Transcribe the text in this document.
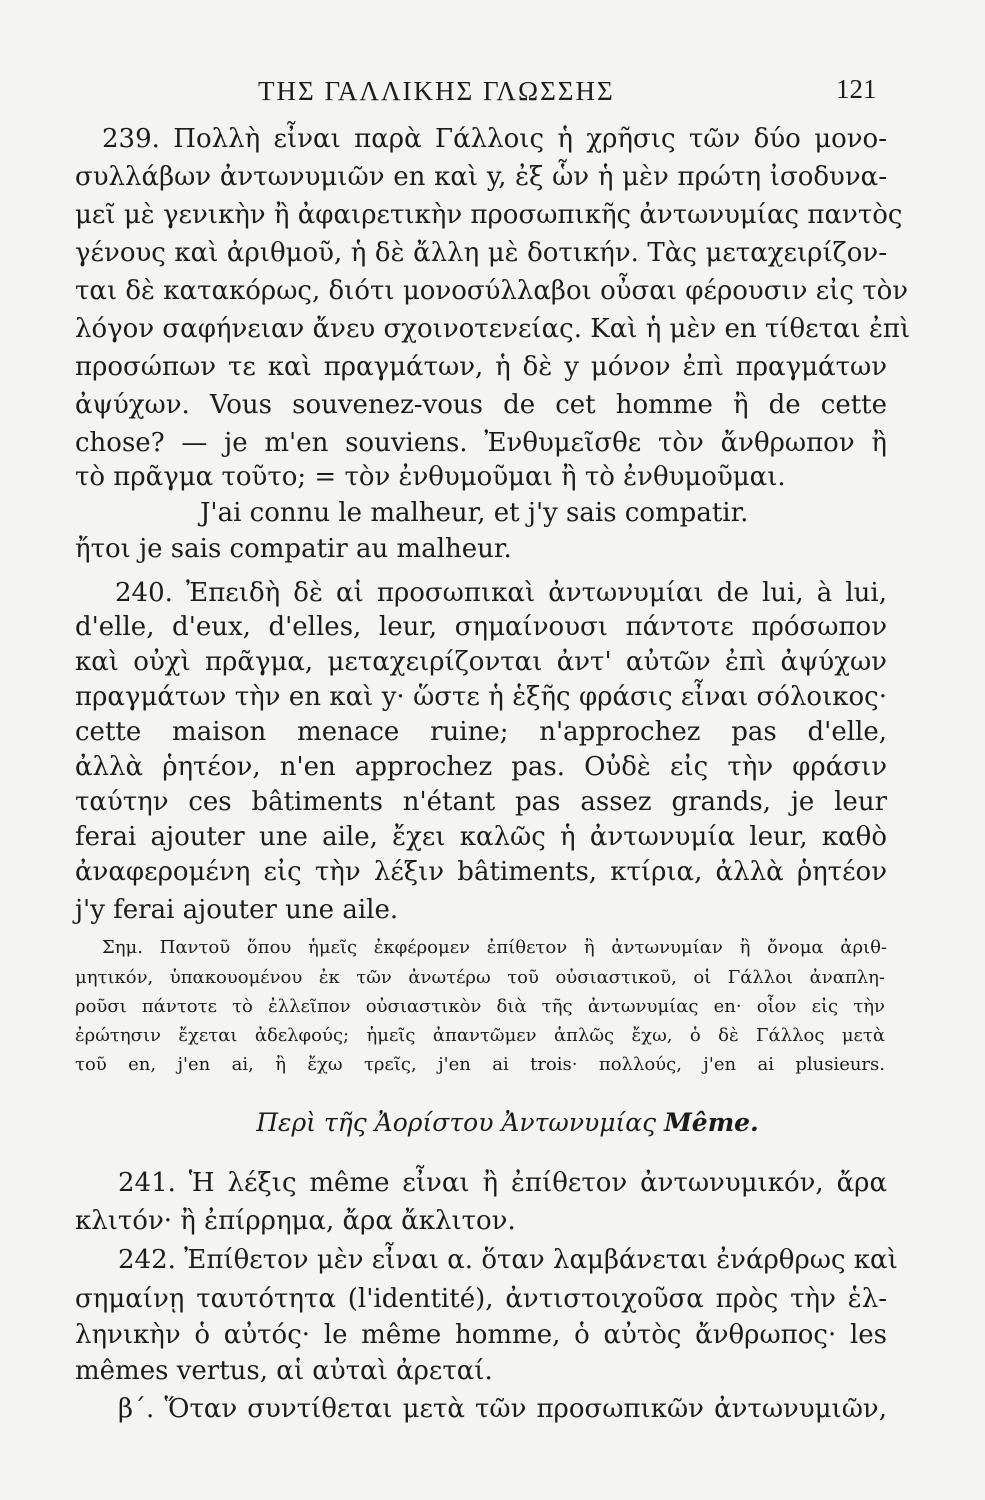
ΤΗΣ ΓΑΛΛΙΚΗΣ ΓΛΩΣΣΗΣ	121
239. Πολλὴ εἶναι παρὰ Γάλλοις ἡ χρῆσις τῶν δύο μονο-
συλλάβων ἀντωνυμιῶν en καὶ y, ἐξ ὧν ἡ μὲν πρώτη ἰσοδυνα-
μεῖ μὲ γενικὴν ἢ ἀφαιρετικὴν προσωπικῆς ἀντωνυμίας παντὸς
γένους καὶ ἀριθμοῦ, ἡ δὲ ἄλλη μὲ δοτικήν. Τὰς μεταχειρίζον-
ται δὲ κατακόρως, διότι μονοσύλλαβοι οὖσαι φέρουσιν εἰς τὸν
λόγον σαφήνειαν ἄνευ σχοινοτενείας. Καὶ ἡ μὲν en τίθεται ἐπὶ
προσώπων τε καὶ πραγμάτων, ἡ δὲ y μόνον ἐπὶ πραγμάτων
ἀψύχων. Vous souvenez-vous de cet homme ἢ de cette
chose? — je m'en souviens. Ἐνθυμεῖσθε τὸν ἄνθρωπον ἢ
τὸ πρᾶγμα τοῦτο; = τὸν ἐνθυμοῦμαι ἢ τὸ ἐνθυμοῦμαι.
J'ai connu le malheur, et j'y sais compatir.
ἤτοι je sais compatir au malheur.
240. Ἐπειδὴ δὲ αἱ προσωπικαὶ ἀντωνυμίαι de lui, à lui,
d'elle, d'eux, d'elles, leur, σημαίνουσι πάντοτε πρόσωπον
καὶ οὐχὶ πρᾶγμα, μεταχειρίζονται ἀντ' αὐτῶν ἐπὶ ἀψύχων
πραγμάτων τὴν en καὶ y· ὥστε ἡ ἑξῆς φράσις εἶναι σόλοικος·
cette maison menace ruine; n'approchez pas d'elle,
ἀλλὰ ῥητέον, n'en approchez pas. Οὐδὲ εἰς τὴν φράσιν
ταύτην ces bâtiments n'étant pas assez grands, je leur
ferai ajouter une aile, ἔχει καλῶς ἡ ἀντωνυμία leur, καθὸ
ἀναφερομένη εἰς τὴν λέξιν bâtiments, κτίρια, ἀλλὰ ῥητέον
j'y ferai ajouter une aile.
Σημ. Παντοῦ ὅπου ἡμεῖς ἐκφέρομεν ἐπίθετον ἢ ἀντωνυμίαν ἢ ὄνομα ἀριθ-
μητικόν, ὑπακουομένου ἐκ τῶν ἀνωτέρω τοῦ οὐσιαστικοῦ, οἱ Γάλλοι ἀναπλη-
ροῦσι πάντοτε τὸ ἐλλεῖπον οὐσιαστικὸν διὰ τῆς ἀντωνυμίας en· οἷον εἰς τὴν
ἐρώτησιν ἔχεται ἀδελφούς; ἡμεῖς ἀπαντῶμεν ἁπλῶς ἔχω, ὁ δὲ Γάλλος μετὰ
τοῦ en, j'en ai, ἢ ἔχω τρεῖς, j'en ai trois· πολλούς, j'en ai plusieurs.
Περὶ τῆς Ἀορίστου Ἀντωνυμίας Même.
241. Ἡ λέξις même εἶναι ἢ ἐπίθετον ἀντωνυμικόν, ἄρα
κλιτόν· ἢ ἐπίρρημα, ἄρα ἄκλιτον.
242. Ἐπίθετον μὲν εἶναι α. ὅταν λαμβάνεται ἐνάρθρως καὶ
σημαίνῃ ταυτότητα (l'identité), ἀντιστοιχοῦσα πρὸς τὴν ἑλ-
ληνικὴν ὁ αὐτός· le même homme, ὁ αὐτὸς ἄνθρωπος· les
mêmes vertus, αἱ αὐταὶ ἀρεταί.
β΄. Ὅταν συντίθεται μετὰ τῶν προσωπικῶν ἀντωνυμιῶν,
